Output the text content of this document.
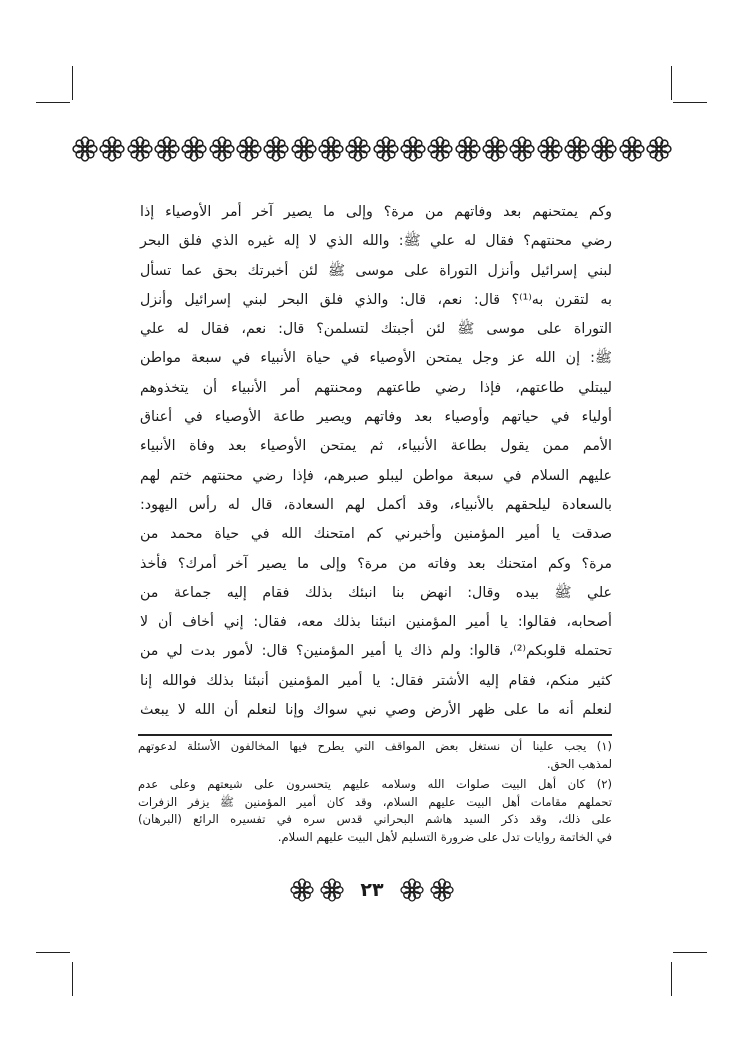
وكم يمتحنهم بعد وفاتهم من مرة؟ وإلى ما يصير آخر أمر الأوصياء إذا
رضي محنتهم؟ فقال له علي ﷺ: والله الذي لا إله غيره الذي فلق البحر
لبني إسرائيل وأنزل التوراة على موسى ﷺ لئن أخبرتك بحق عما تسأل
به لتقرن به⁽¹⁾؟ قال: نعم، قال: والذي فلق البحر لبني إسرائيل وأنزل
التوراة على موسى ﷺ لئن أجبتك لتسلمن؟ قال: نعم، فقال له علي
ﷺ: إن الله عز وجل يمتحن الأوصياء في حياة الأنبياء في سبعة مواطن
ليبتلي طاعتهم، فإذا رضي طاعتهم ومحنتهم أمر الأنبياء أن يتخذوهم
أولياء في حياتهم وأوصياء بعد وفاتهم ويصير طاعة الأوصياء في أعناق
الأمم ممن يقول بطاعة الأنبياء، ثم يمتحن الأوصياء بعد وفاة الأنبياء
عليهم السلام في سبعة مواطن ليبلو صبرهم، فإذا رضي محنتهم ختم لهم
بالسعادة ليلحقهم بالأنبياء، وقد أكمل لهم السعادة، قال له رأس اليهود:
صدقت يا أمير المؤمنين وأخبرني كم امتحنك الله في حياة محمد من
مرة؟ وكم امتحنك بعد وفاته من مرة؟ وإلى ما يصير آخر أمرك؟ فأخذ
علي ﷺ بيده وقال: انهض بنا انبئك بذلك فقام إليه جماعة من
أصحابه، فقالوا: يا أمير المؤمنين انبئنا بذلك معه، فقال: إني أخاف أن لا
تحتمله قلوبكم⁽²⁾، قالوا: ولم ذاك يا أمير المؤمنين؟ قال: لأمور بدت لي من
كثير منكم، فقام إليه الأشتر فقال: يا أمير المؤمنين أنبئنا بذلك فوالله إنا
لنعلم أنه ما على ظهر الأرض وصي نبي سواك وإنا لنعلم أن الله لا يبعث
(١) يجب علينا أن نستغل بعض المواقف التي يطرح فيها المخالفون الأسئلة لدعوتهم
لمذهب الحق.
(٢) كان أهل البيت صلوات الله وسلامه عليهم يتحسرون على شيعتهم وعلى عدم
تحملهم مقامات أهل البيت عليهم السلام، وقد كان أمير المؤمنين ﷺ يزفر الزفرات
على ذلك، وقد ذكر السيد هاشم البحراني قدس سره في تفسيره الرائع (البرهان)
في الخاتمة روايات تدل على ضرورة التسليم لأهل البيت عليهم السلام.
٢٣
